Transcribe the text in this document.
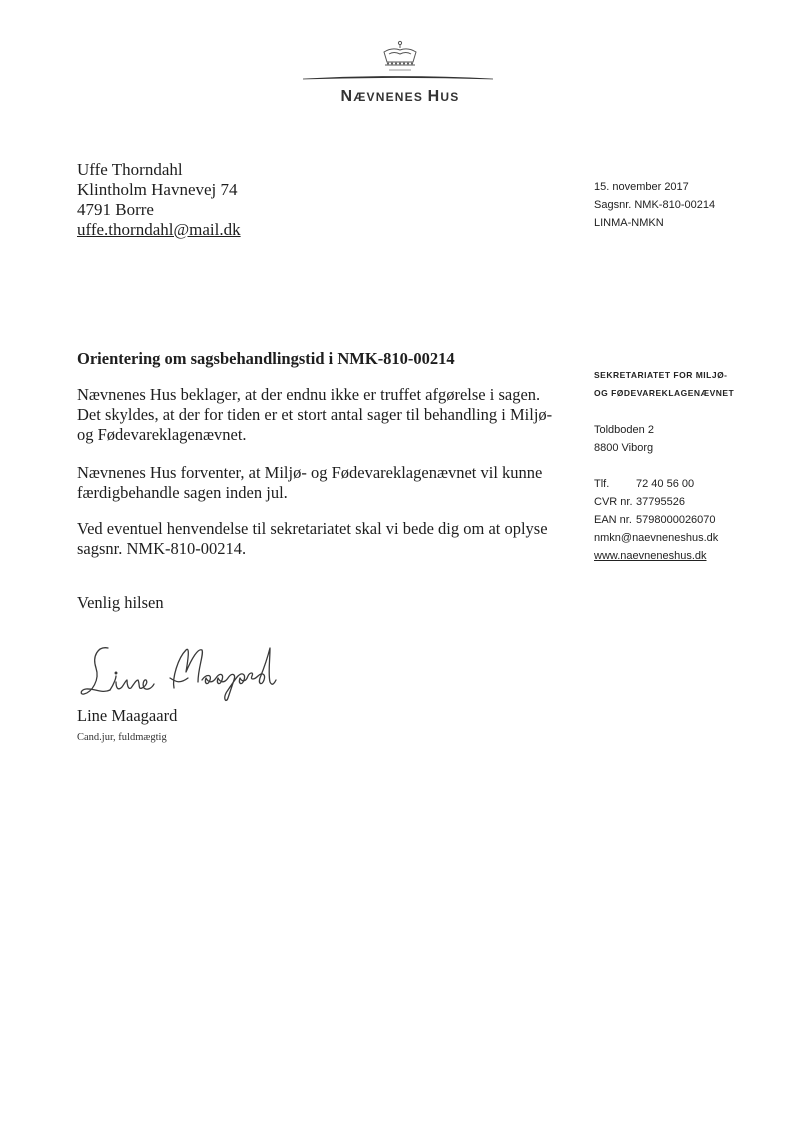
NÆVNENES HUS
Uffe Thorndahl
Klintholm Havnevej 74
4791 Borre
uffe.thorndahl@mail.dk
15. november 2017
Sagsnr. NMK-810-00214
LINMA-NMKN
Orientering om sagsbehandlingstid i NMK-810-00214
Nævnenes Hus beklager, at der endnu ikke er truffet afgørelse i sagen.
Det skyldes, at der for tiden er et stort antal sager til behandling i Miljø-
og Fødevareklagenævnet.
Nævnenes Hus forventer, at Miljø- og Fødevareklagenævnet vil kunne
færdigbehandle sagen inden jul.
Ved eventuel henvendelse til sekretariatet skal vi bede dig om at oplyse
sagsnr. NMK-810-00214.
Venlig hilsen
Line Maagaard
Cand.jur, fuldmægtig
SEKRETARIATET FOR MILJØ-
OG FØDEVAREKLAGENÆVNET
Toldboden 2
8800 Viborg
Tlf.	72 40 56 00
CVR nr. 37795526
EAN nr. 5798000026070
nmkn@naevneneshus.dk
www.naevneneshus.dk
